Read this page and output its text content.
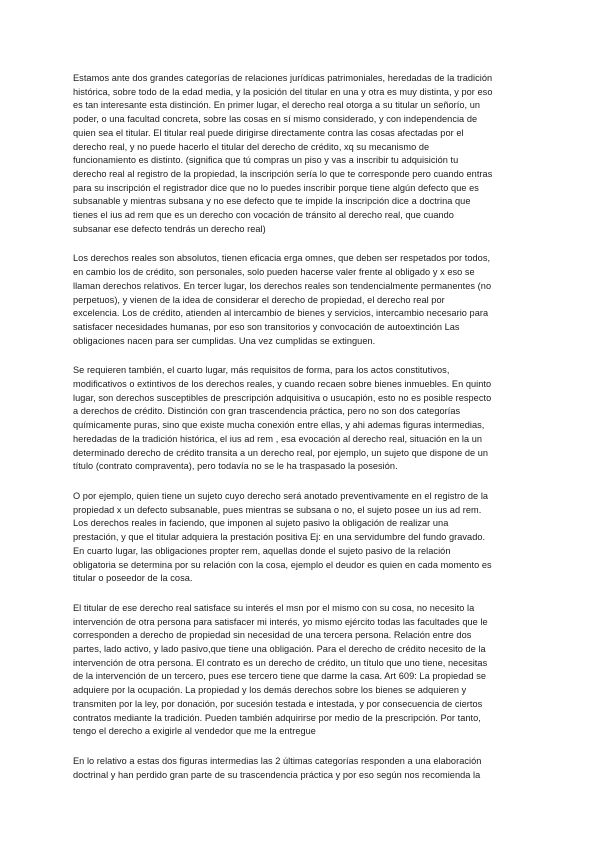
Estamos ante dos grandes categorías de relaciones jurídicas patrimoniales, heredadas de la tradición
histórica, sobre todo de la edad media, y la posición del titular en una y otra es muy distinta, y por eso
es tan interesante esta distinción. En primer lugar, el derecho real otorga a su titular un señorío, un
poder, o una facultad concreta, sobre las cosas en sí mismo considerado, y con independencia de
quien sea el titular. El titular real puede dirigirse directamente contra las cosas afectadas por el
derecho real, y no puede hacerlo el titular del derecho de crédito, xq su mecanismo de
funcionamiento es distinto. (significa que tú compras un piso y vas a inscribir tu adquisición tu
derecho real al registro de la propiedad, la inscripción sería lo que te corresponde pero cuando entras
para su inscripción el registrador dice que no lo puedes inscribir porque tiene algún defecto que es
subsanable y mientras subsana y no ese defecto que te impide la inscripción dice a doctrina que
tienes el ius ad rem que es un derecho con vocación de tránsito al derecho real, que cuando
subsanar ese defecto tendrás un derecho real)

Los derechos reales son absolutos, tienen eficacia erga omnes, que deben ser respetados por todos,
en cambio los de crédito, son personales, solo pueden hacerse valer frente al obligado y x eso se
llaman derechos relativos. En tercer lugar, los derechos reales son tendencialmente permanentes (no
perpetuos), y vienen de la idea de considerar el derecho de propiedad, el derecho real por
excelencia. Los de crédito, atienden al intercambio de bienes y servicios, intercambio necesario para
satisfacer necesidades humanas, por eso son transitorios y convocación de autoextinción Las
obligaciones nacen para ser cumplidas. Una vez cumplidas se extinguen.

Se requieren también, el cuarto lugar, más requisitos de forma, para los actos constitutivos,
modificativos o extintivos de los derechos reales, y cuando recaen sobre bienes inmuebles. En quinto
lugar, son derechos susceptibles de prescripción adquisitiva o usucapión, esto no es posible respecto
a derechos de crédito. Distinción con gran trascendencia práctica, pero no son dos categorías
químicamente puras, sino que existe mucha conexión entre ellas, y ahi ademas figuras intermedias,
heredadas de la tradición histórica, el ius ad rem , esa evocación al derecho real, situación en la un
determinado derecho de crédito transita a un derecho real, por ejemplo, un sujeto que dispone de un
título (contrato compraventa), pero todavía no se le ha traspasado la posesión.

O por ejemplo, quien tiene un sujeto cuyo derecho será anotado preventivamente en el registro de la
propiedad x un defecto subsanable, pues mientras se subsana o no, el sujeto posee un ius ad rem.
Los derechos reales in faciendo, que imponen al sujeto pasivo la obligación de realizar una
prestación, y que el titular adquiera la prestación positiva Ej: en una servidumbre del fundo gravado.
En cuarto lugar, las obligaciones propter rem, aquellas donde el sujeto pasivo de la relación
obligatoria se determina por su relación con la cosa, ejemplo el deudor es quien en cada momento es
titular o poseedor de la cosa.

El titular de ese derecho real satisface su interés el msn por el mismo con su cosa, no necesito la
intervención de otra persona para satisfacer mi interés, yo mismo ejército todas las facultades que le
corresponden a derecho de propiedad sin necesidad de una tercera persona. Relación entre dos
partes, lado activo, y lado pasivo,que tiene una obligación. Para el derecho de crédito necesito de la
intervención de otra persona. El contrato es un derecho de crédito, un título que uno tiene, necesitas
de la intervención de un tercero, pues ese tercero tiene que darme la casa. Art 609: La propiedad se
adquiere por la ocupación. La propiedad y los demás derechos sobre los bienes se adquieren y
transmiten por la ley, por donación, por sucesión testada e intestada, y por consecuencia de ciertos
contratos mediante la tradición. Pueden también adquirirse por medio de la prescripción. Por tanto,
tengo el derecho a exigirle al vendedor que me la entregue

En lo relativo a estas dos figuras intermedias las 2 últimas categorías responden a una elaboración
doctrinal y han perdido gran parte de su trascendencia práctica y por eso según nos recomienda la
